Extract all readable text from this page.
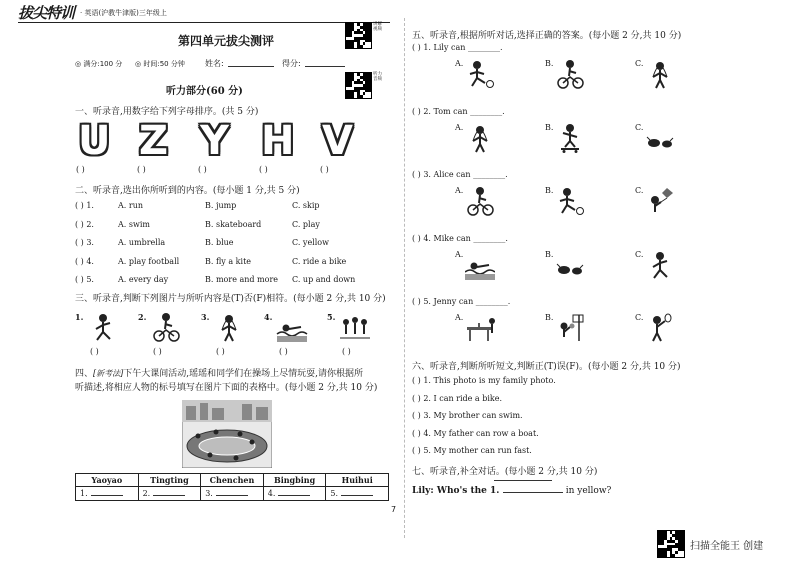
拔尖特训 · 英语(沪教牛津版)三年级上
第四单元拔尖测评
讲解视频
◎ 满分:100 分 ◎ 时间:50 分钟	姓名:	得分:
听力音频
听力部分(60 分)
一、听录音,用数字给下列字母排序。(共 5 分)
U
( )
Z
( )
Y
( )
H
( )
V
( )
二、听录音,选出你所听到的内容。(每小题 1 分,共 5 分)
( ) 1.	A. run	B. jump	C. skip
( ) 2.	A. swim	B. skateboard	C. play
( ) 3.	A. umbrella	B. blue	C. yellow
( ) 4.	A. play football	B. fly a kite	C. ride a bike
( ) 5.	A. every day	B. more and more C. up and down
三、听录音,判断下列图片与所听内容是(T)否(F)相符。(每小题 2 分,共 10 分)
1.
( )
2.
( )
3.
( )
4.
( )
5.
( )
四、[新考法]下午大课间活动,瑶瑶和同学们在操场上尽情玩耍,请你根据所
听描述,将相应人物的标号填写在图片下面的表格中。(每小题 2 分,共 10 分)
Yaoyao	Tingting	Chenchen	Bingbing	Huihui
1.	2.	3.	4.	5.
7
五、听录音,根据所听对话,选择正确的答案。(每小题 2 分,共 10 分)
( ) 1. Lily can ________.
A.	B.	C.
( ) 2. Tom can ________.
A.	B.	C.
( ) 3. Alice can ________.
A.	B.	C.
( ) 4. Mike can ________.
A.	B.	C.
( ) 5. Jenny can ________.
A.	B.	C.
六、听录音,判断所听短文,判断正(T)误(F)。(每小题 2 分,共 10 分)
( ) 1. This photo is my family photo.
( ) 2. I can ride a bike.
( ) 3. My brother can swim.
( ) 4. My father can row a boat.
( ) 5. My mother can run fast.
七、听录音,补全对话。(每小题 2 分,共 10 分)
Lily: Who's the 1.	in yellow?
扫描全能王 创建
